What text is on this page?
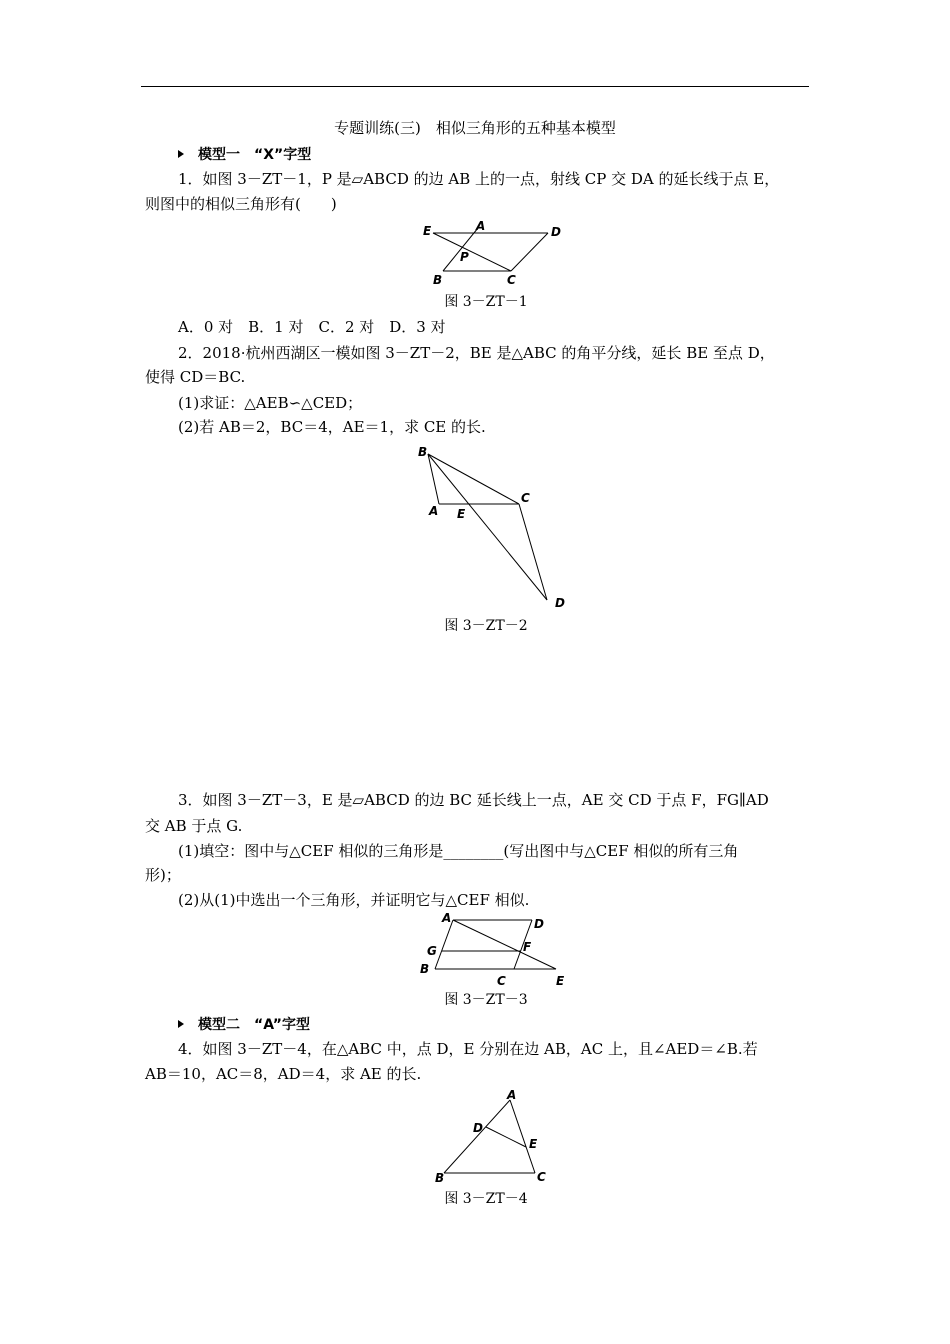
专题训练(三)　相似三角形的五种基本模型
模型一　“X”字型
1．如图 3－ZT－1，P 是▱ABCD 的边 AB 上的一点，射线 CP 交 DA 的延长线于点 E，
则图中的相似三角形有(　　)
E	A	D
P
B	C
图 3－ZT－1
A．0 对　B．1 对　C．2 对　D．3 对
2．2018·杭州西湖区一模如图 3－ZT－2，BE 是△ABC 的角平分线，延长 BE 至点 D，
使得 CD＝BC.
(1)求证：△AEB∽△CED；
(2)若 AB＝2，BC＝4，AE＝1，求 CE 的长.
B
C
A E
D
图 3－ZT－2
3．如图 3－ZT－3，E 是▱ABCD 的边 BC 延长线上一点，AE 交 CD 于点 F，FG∥AD
交 AB 于点 G.
(1)填空：图中与△CEF 相似的三角形是________(写出图中与△CEF 相似的所有三角
形)；
(2)从(1)中选出一个三角形，并证明它与△CEF 相似.
A	D
G	F
B
C	E
图 3－ZT－3
模型二　“A”字型
4．如图 3－ZT－4，在△ABC 中，点 D，E 分别在边 AB，AC 上，且∠AED＝∠B.若
AB＝10，AC＝8，AD＝4，求 AE 的长.
A
D
E
B	C
图 3－ZT－4
